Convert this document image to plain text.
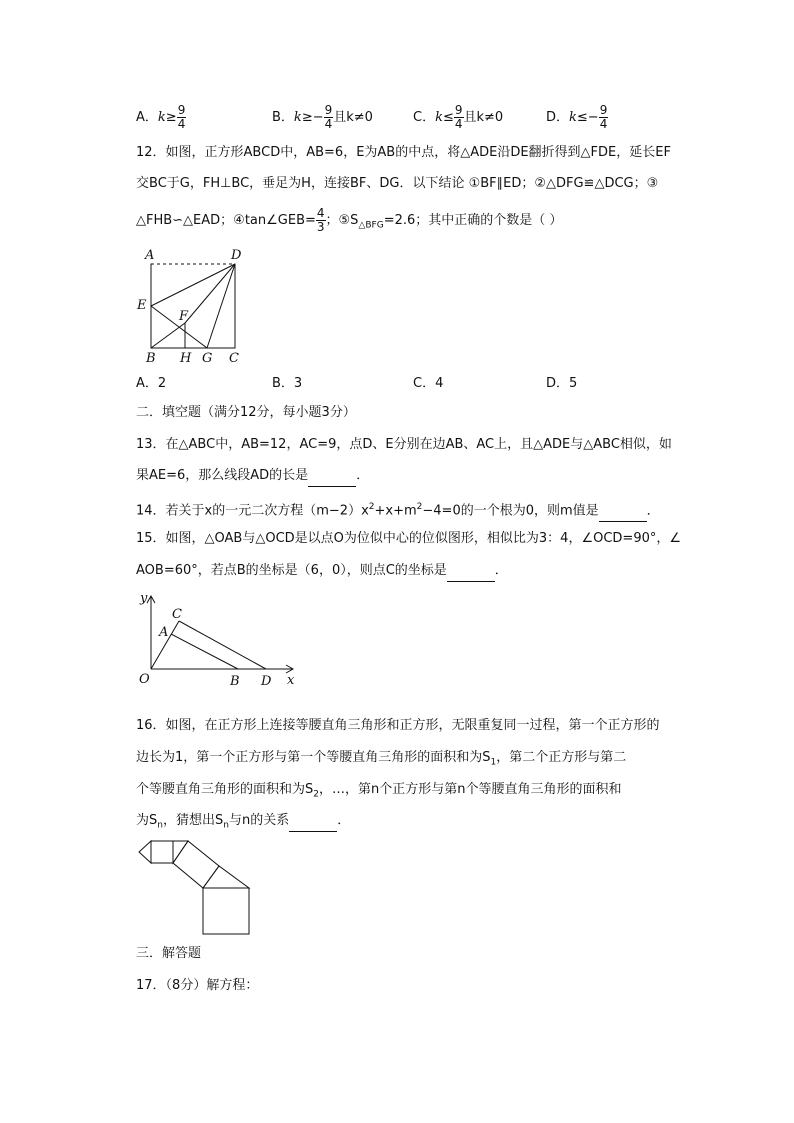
A．$k\ge \frac{9}{4}$	B．$k\ge- \frac{9}{4}$ 且k≠0	C．$k\le \frac{9}{4}$ 且k≠0	D．$k\le- \frac{9}{4}$
12．如图，正方形ABCD中，AB=6，E为AB的中点，将△ADE沿DE翻折得到△FDE，延长EF
交BC于G，FH⊥BC，垂足为H，连接BF、DG．以下结论 ①BF∥ED；②△DFG≌△DCG；③
△FHB∽△EAD；④tan∠GEB= $\frac{4}{3}$ ；$⑤S_{\triangle BFG}=2.6$；其中正确的个数是（ ）
A	D
E
F
B H G C
A．2	B．3	C．4	D．5
二．填空题（满分12分，每小题3分）
13．在△ABC中，AB=12，AC=9，点D、E分别在边AB、AC上，且△ADE与△ABC相似，如
果AE=6，那么线段AD的长是	．
14．若关于x的一元二次方程$(m-2)x^2+x+m^2-4=0$的一个根为0，则m值是	．
15．如图，△OAB与△OCD是以点O为位似中心的位似图形，相似比为3：4，∠OCD=90°，∠
AOB=60°，若点B的坐标是（6，0），则点C的坐标是	．
y
C
A
O	B D x
16．如图，在正方形上连接等腰直角三角形和正方形，无限重复同一过程，第一个正方形的
边长为1，第一个正方形与第一个等腰直角三角形的面积和为$S_1$，第二个正方形与第二
个等腰直角三角形的面积和为$S_2$，…，第n个正方形与第n个等腰直角三角形的面积和
为$S_n$，猜想出$S_n$与n的关系	．
三．解答题
17．（8分）解方程：
